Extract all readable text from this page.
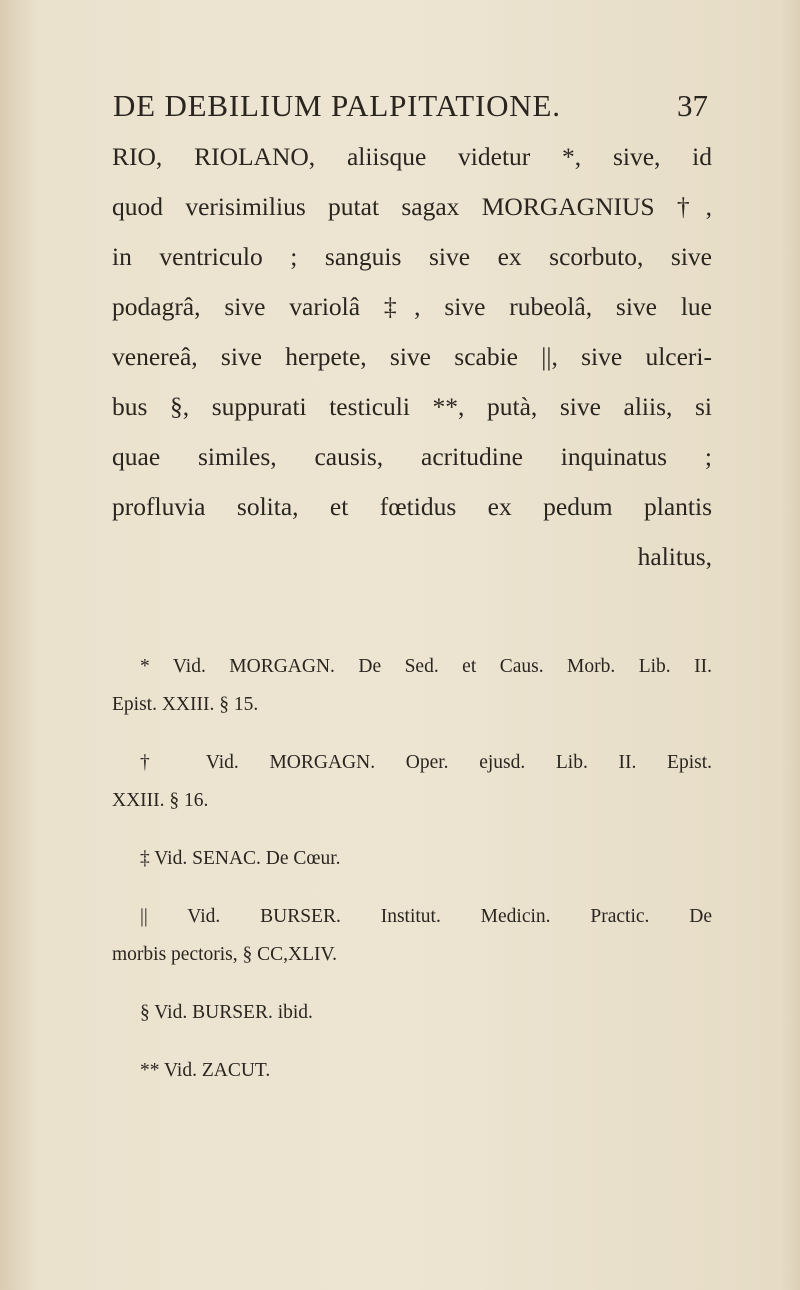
DE DEBILIUM PALPITATIONE.	37
RIO, RIOLANO, aliisque videtur *, sive, id
quod verisimilius putat sagax MORGAGNIUS †,
in ventriculo ; sanguis sive ex scorbuto, sive
podagrâ, sive variolâ ‡, sive rubeolâ, sive lue
venereâ, sive herpete, sive scabie ||, sive ulceri-
bus §, suppurati testiculi **, putà, sive aliis, si
quae similes, causis, acritudine inquinatus ;
profluvia solita, et fœtidus ex pedum plantis
halitus,
* Vid. MORGAGN. De Sed. et Caus. Morb. Lib. II.
Epist. XXIII. § 15.
† Vid. MORGAGN. Oper. ejusd. Lib. II. Epist.
XXIII. § 16.
‡ Vid. SENAC. De Cœur.
|| Vid. BURSER. Institut. Medicin. Practic. De
morbis pectoris, § CC,XLIV.
§ Vid. BURSER. ibid.
** Vid. ZACUT.
